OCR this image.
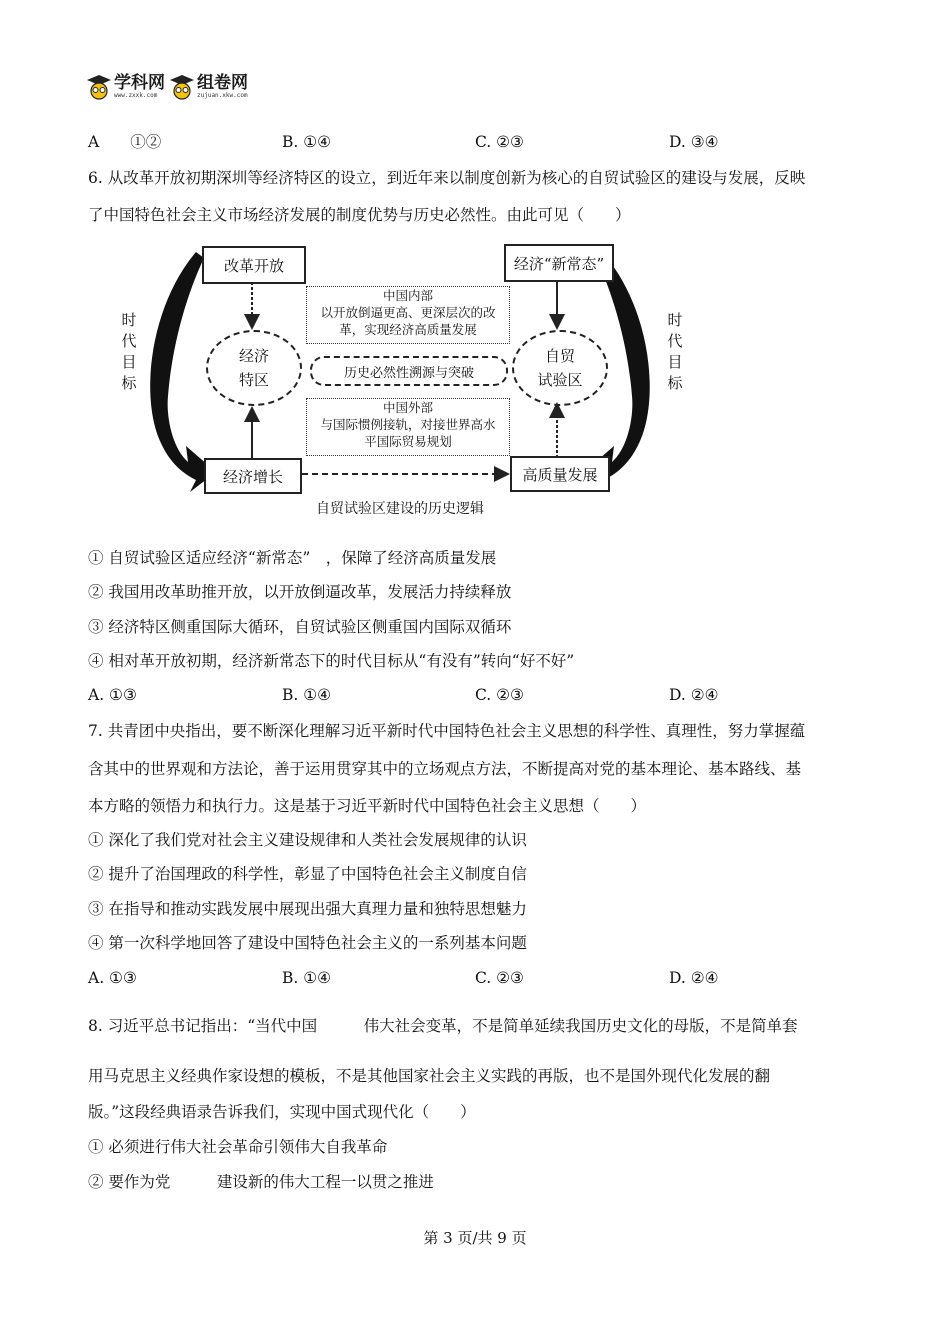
学科网
www.zxxk.com
组卷网
zujuan.xkw.com
A　　①②	B. ①④	C. ②③	D. ③④
6. 从改革开放初期深圳等经济特区的设立，到近年来以制度创新为核心的自贸试验区的建设与发展，反映
了中国特色社会主义市场经济发展的制度优势与历史必然性。由此可见（　　）
改革开放	经济“新常态”
经济
特区
自贸
试验区
中国内部
以开放倒逼更高、更深层次的改
革，实现经济高质量发展
历史必然性溯源与突破
中国外部
与国际惯例接轨，对接世界高水
平国际贸易规划
经济增长	高质量发展
时
代
目
标
时
代
目
标
自贸试验区建设的历史逻辑
① 自贸试验区适应经济“新常态”　，保障了经济高质量发展
② 我国用改革助推开放，以开放倒逼改革，发展活力持续释放
③ 经济特区侧重国际大循环，自贸试验区侧重国内国际双循环
④ 相对革开放初期，经济新常态下的时代目标从“有没有”转向“好不好”
A. ①③	B. ①④	C. ②③	D. ②④
7. 共青团中央指出，要不断深化理解习近平新时代中国特色社会主义思想的科学性、真理性，努力掌握蕴
含其中的世界观和方法论，善于运用贯穿其中的立场观点方法，不断提高对党的基本理论、基本路线、基
本方略的领悟力和执行力。这是基于习近平新时代中国特色社会主义思想（　　）
① 深化了我们党对社会主义建设规律和人类社会发展规律的认识
② 提升了治国理政的科学性，彰显了中国特色社会主义制度自信
③ 在指导和推动实践发展中展现出强大真理力量和独特思想魅力
④ 第一次科学地回答了建设中国特色社会主义的一系列基本问题
A. ①③	B. ①④	C. ②③	D. ②④
8. 习近平总书记指出：“当代中国　　　伟大社会变革，不是简单延续我国历史文化的母版，不是简单套
用马克思主义经典作家设想的模板，不是其他国家社会主义实践的再版，也不是国外现代化发展的翻
版。”这段经典语录告诉我们，实现中国式现代化（　　）
① 必须进行伟大社会革命引领伟大自我革命
② 要作为党　　　建设新的伟大工程一以贯之推进
第 3 页/共 9 页
